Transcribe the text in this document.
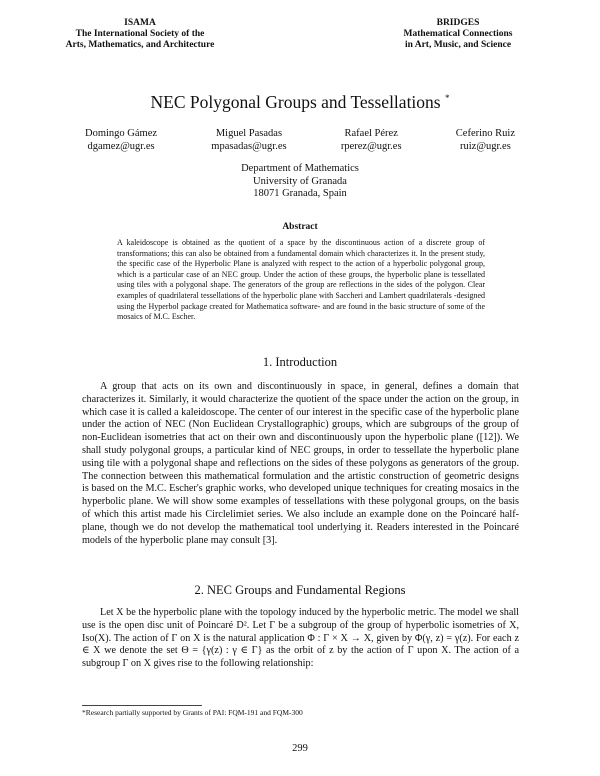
ISAMA
The International Society of the
Arts, Mathematics, and Architecture
BRIDGES
Mathematical Connections
in Art, Music, and Science
NEC Polygonal Groups and Tessellations *
Domingo Gámez
dgamez@ugr.es
Miguel Pasadas
mpasadas@ugr.es
Rafael Pérez
rperez@ugr.es
Ceferino Ruiz
ruiz@ugr.es
Department of Mathematics
University of Granada
18071 Granada, Spain
Abstract

A kaleidoscope is obtained as the quotient of a space by the discontinuous action of a discrete group of transformations; this can also be obtained from a fundamental domain which characterizes it. In the present study, the specific case of the Hyperbolic Plane is analyzed with respect to the action of a hyperbolic polygonal group, which is a particular case of an NEC group. Under the action of these groups, the hyperbolic plane is tessellated using tiles with a polygonal shape. The generators of the group are reflections in the sides of the polygon. Clear examples of quadrilateral tessellations of the hyperbolic plane with Saccheri and Lambert quadrilaterals -designed using the Hyperbol package created for Mathematica software- and are found in the basic structure of some of the mosaics of M.C. Escher.

1. Introduction

A group that acts on its own and discontinuously in space, in general, defines a domain that characterizes it. Similarly, it would characterize the quotient of the space under the action on the group, in which case it is called a kaleidoscope. The center of our interest in the specific case of the hyperbolic plane under the action of NEC (Non Euclidean Crystallographic) groups, which are subgroups of the group of non-Euclidean isometries that act on their own and discontinuously upon the hyperbolic plane ([12]). We shall study polygonal groups, a particular kind of NEC groups, in order to tessellate the hyperbolic plane using tile with a polygonal shape and reflections on the sides of these polygons as generators of the group. The connection between this mathematical formulation and the artistic construction of geometric designs is based on the M.C. Escher's graphic works, who developed unique techniques for creating mosaics in the hyperbolic plane. We will show some examples of tessellations with these polygonal groups, on the basis of which this artist made his Circlelimiet series. We also include an example done on the Poincaré half-plane, though we do not develop the mathematical tool underlying it. Readers interested in the Poincaré models of the hyperbolic plane may consult [3].

2. NEC Groups and Fundamental Regions

Let X be the hyperbolic plane with the topology induced by the hyperbolic metric. The model we shall use is the open disc unit of Poincaré D². Let Γ be a subgroup of the group of hyperbolic isometries of X, Iso(X). The action of Γ on X is the natural application Φ : Γ × X → X, given by Φ(γ, z) = γ(z). For each z ∈ X we denote the set Θ = {γ(z) : γ ∈ Γ} as the orbit of z by the action of Γ upon X. The action of a subgroup Γ on X gives rise to the following relationship:

*Research partially supported by Grants of PAI: FQM-191 and FQM-300
299
